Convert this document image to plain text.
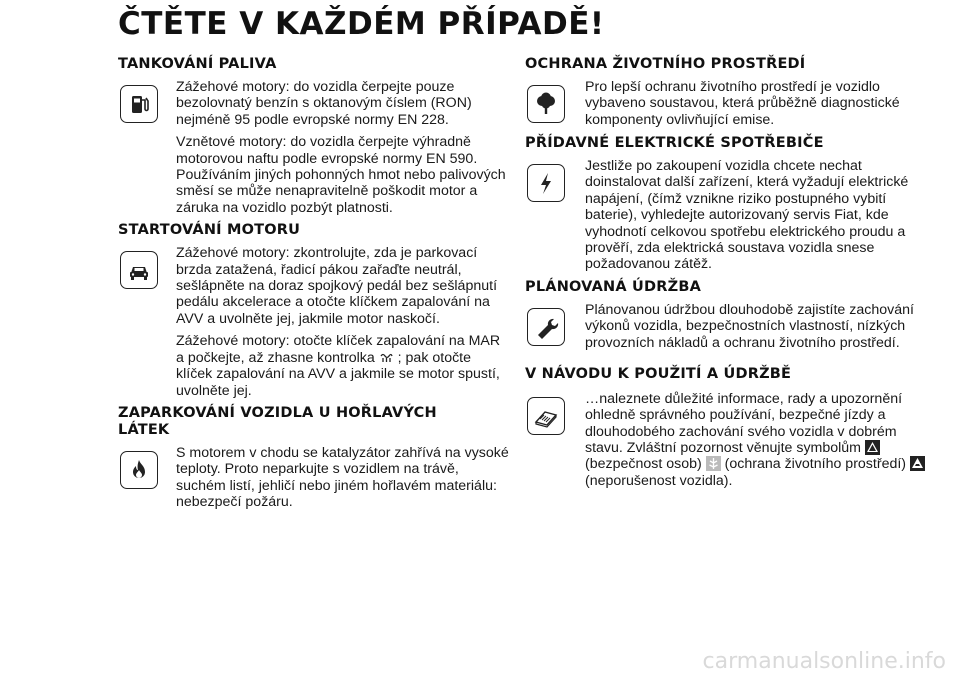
ČTĚTE V KAŽDÉM PŘÍPADĚ!
TANKOVÁNÍ PALIVA

Zážehové motory: do vozidla čerpejte pouze bezolovnatý benzín s oktanovým číslem (RON) nejméně 95 podle evropské normy EN 228.

Vznětové motory: do vozidla čerpejte výhradně motorovou naftu podle evropské normy EN 590. Používáním jiných pohonných hmot nebo palivových směsí se může nenapravitelně poškodit motor a záruka na vozidlo pozbýt platnosti.

STARTOVÁNÍ MOTORU

Zážehové motory: zkontrolujte, zda je parkovací brzda zatažená, řadicí pákou zařaďte neutrál, sešlápněte na doraz spojkový pedál bez sešlápnutí pedálu akcelerace a otočte klíčkem zapalování na AVV a uvolněte jej, jakmile motor naskočí.

Zážehové motory: otočte klíček zapalování na MAR a počkejte, až zhasne kontrolka ; pak otočte klíček zapalování na AVV a jakmile se motor spustí, uvolněte jej.

ZAPARKOVÁNÍ VOZIDLA U HOŘLAVÝCH LÁTEK

S motorem v chodu se katalyzátor zahřívá na vysoké teploty. Proto neparkujte s vozidlem na trávě, suchém listí, jehličí nebo jiném hořlavém materiálu: nebezpečí požáru.

OCHRANA ŽIVOTNÍHO PROSTŘEDÍ

Pro lepší ochranu životního prostředí je vozidlo vybaveno soustavou, která průběžně diagnostické komponenty ovlivňující emise.

PŘÍDAVNÉ ELEKTRICKÉ SPOTŘEBIČE

Jestliže po zakoupení vozidla chcete nechat doinstalovat další zařízení, která vyžadují elektrické napájení, (čímž vznikne riziko postupného vybití baterie), vyhledejte autorizovaný servis Fiat, kde vyhodnotí celkovou spotřebu elektrického proudu a prověří, zda elektrická soustava vozidla snese požadovanou zátěž.

PLÁNOVANÁ ÚDRŽBA

Plánovanou údržbou dlouhodobě zajistíte zachování výkonů vozidla, bezpečnostních vlastností, nízkých provozních nákladů a ochranu životního prostředí.

V NÁVODU K POUŽITÍ A ÚDRŽBĚ

…naleznete důležité informace, rady a upozornění ohledně správného používání, bezpečné jízdy a dlouhodobého zachování svého vozidla v dobrém stavu. Zvláštní pozornost věnujte symbolům
(bezpečnost osob) (ochrana životního prostředí)
(neporušenost vozidla).

carmanualsonline.info
